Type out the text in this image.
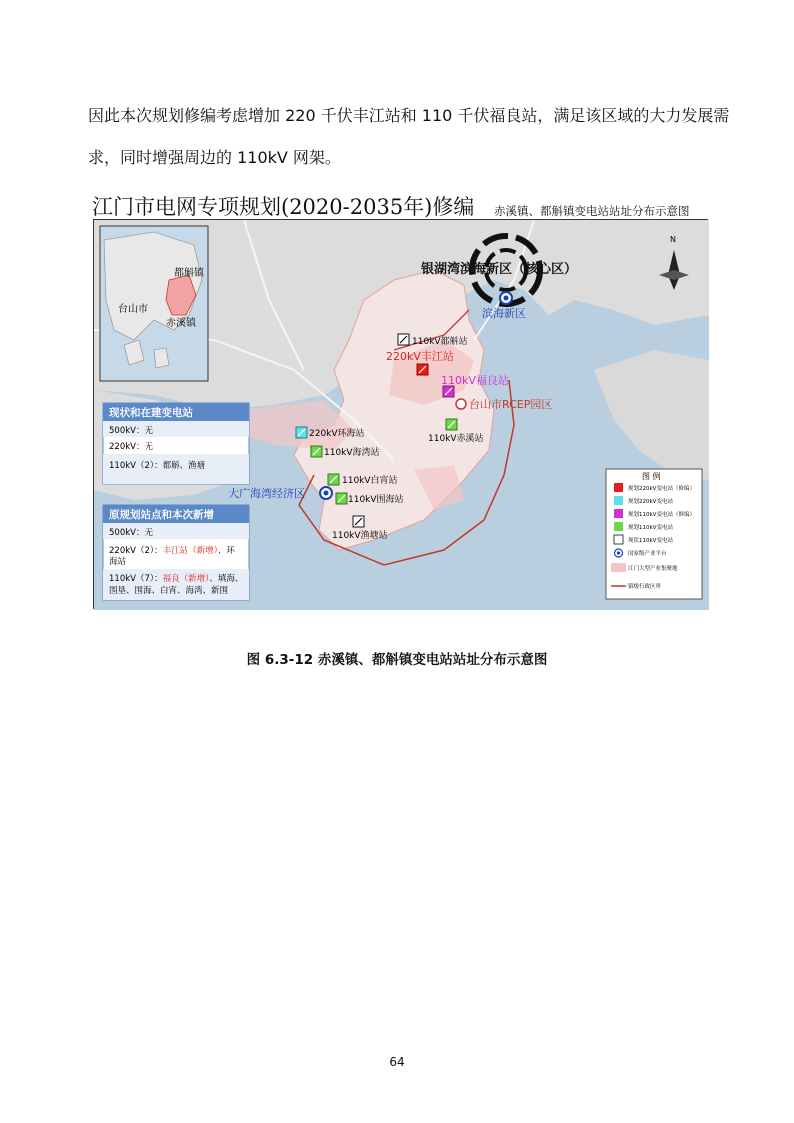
因此本次规划修编考虑增加 220 千伏丰江站和 110 千伏福良站，满足该区域的大力发展需

求，同时增强周边的 110kV 网架。

江门市电网专项规划(2020-2035年)修编 赤溪镇、都斛镇变电站站址分布示意图
都斛镇
台山市
赤溪镇
N
银湖湾滨海新区（核心区）
滨海新区
台山市RCEP园区
大广海湾经济区
110kV都斛站
220kV丰江站
110kV福良站
110kV赤溪站
220kV环海站
110kV海湾站
110kV白宵站
110kV围海站
110kV渔塘站
现状和在建变电站
500kV：无
220kV：无
110kV（2）：都斛、渔塘
原规划站点和本次新增
500kV：无
220kV（2）：丰江站（新增）、环
海站
110kV（7）：福良（新增）、填海、
围垦、围海、白宵、海湾、新围
图 例
规划220kV变电站（修编）
规划220kV变电站
规划110kV变电站（修编）
规划110kV变电站
现状110kV变电站
国家级产业平台
江门大型产业集聚地
镇级行政区界
图 6.3-12 赤溪镇、都斛镇变电站站址分布示意图
64
